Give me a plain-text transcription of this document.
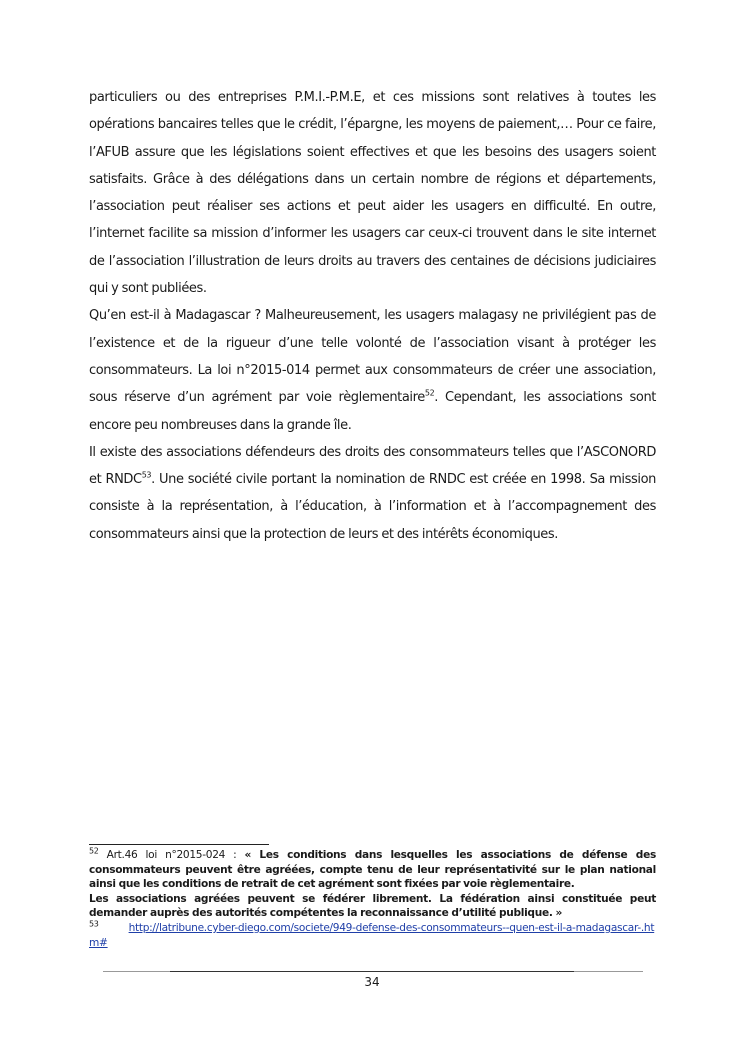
particuliers ou des entreprises P.M.I.-P.M.E, et ces missions sont relatives à toutes les opérations bancaires telles que le crédit, l’épargne, les moyens de paiement,… Pour ce faire, l’AFUB assure que les législations soient effectives et que les besoins des usagers soient satisfaits. Grâce à des délégations dans un certain nombre de régions et départements, l’association peut réaliser ses actions et peut aider les usagers en difficulté. En outre, l’internet facilite sa mission d’informer les usagers car ceux-ci trouvent dans le site internet de l’association l’illustration de leurs droits au travers des centaines de décisions judiciaires qui y sont publiées.

Qu’en est-il à Madagascar ? Malheureusement, les usagers malagasy ne privilégient pas de l’existence et de la rigueur d’une telle volonté de l’association visant à protéger les consommateurs. La loi n°2015-014 permet aux consommateurs de créer une association, sous réserve d’un agrément par voie règlementaire$^{52}$. Cependant, les associations sont encore peu nombreuses dans la grande île.

Il existe des associations défendeurs des droits des consommateurs telles que l’ASCONORD et RNDC$^{53}$. Une société civile portant la nomination de RNDC est créée en 1998. Sa mission consiste à la représentation, à l’éducation, à l’information et à l’accompagnement des consommateurs ainsi que la protection de leurs et des intérêts économiques.

$^{52}$ Art.46 loi n°2015-024 : « Les conditions dans lesquelles les associations de défense des consommateurs peuvent être agréées, compte tenu de leur représentativité sur le plan national ainsi que les conditions de retrait de cet agrément sont fixées par voie règlementaire.

Les associations agréées peuvent se fédérer librement. La fédération ainsi constituée peut demander auprès des autorités compétentes la reconnaissance d’utilité publique. »

$^{53}$	http://latribune.cyber-diego.com/societe/949-defense-des-consommateurs--quen-est-il-a-madagascar-.htm#

34
